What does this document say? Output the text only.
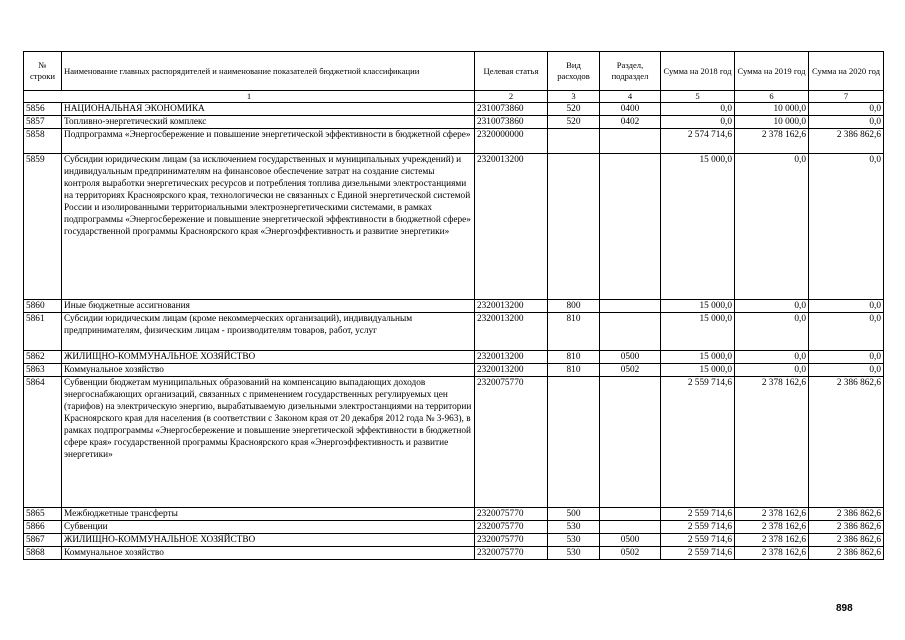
№ строки	Наименование главных распорядителей и наименование показателей бюджетной классификации	Целевая статья	Вид расходов	Раздел, подраздел	Сумма на 2018 год	Сумма на 2019 год	Сумма на 2020 год
1		2	3	4	5	6	7
5856	НАЦИОНАЛЬНАЯ ЭКОНОМИКА	2310073860	520	0400	0,0	10 000,0	0,0
5857	Топливно-энергетический комплекс	2310073860	520	0402	0,0	10 000,0	0,0
5858	Подпрограмма «Энергосбережение и повышение энергетической эффективности в бюджетной сфере»	2320000000			2 574 714,6	2 378 162,6	2 386 862,6
5859	Субсидии юридическим лицам (за исключением государственных и муниципальных учреждений) и индивидуальным предпринимателям на финансовое обеспечение затрат на создание системы контроля выработки энергетических ресурсов и потребления топлива дизельными электростанциями на территориях Красноярского края, технологически не связанных с Единой энергетической системой России и изолированными территориальными электроэнергетическими системами, в рамках подпрограммы «Энергосбережение и повышение энергетической эффективности в бюджетной сфере» государственной программы Красноярского края «Энергоэффективность и развитие энергетики»	2320013200			15 000,0	0,0	0,0
5860	Иные бюджетные ассигнования	2320013200	800		15 000,0	0,0	0,0
5861	Субсидии юридическим лицам (кроме некоммерческих организаций), индивидуальным предпринимателям, физическим лицам - производителям товаров, работ, услуг	2320013200	810		15 000,0	0,0	0,0
5862	ЖИЛИЩНО-КОММУНАЛЬНОЕ ХОЗЯЙСТВО	2320013200	810	0500	15 000,0	0,0	0,0
5863	Коммунальное хозяйство	2320013200	810	0502	15 000,0	0,0	0,0
5864	Субвенции бюджетам муниципальных образований на компенсацию выпадающих доходов энергоснабжающих организаций, связанных с применением государственных регулируемых цен (тарифов) на электрическую энергию, вырабатываемую дизельными электростанциями на территории Красноярского края для населения (в соответствии с Законом края от 20 декабря 2012 года № 3-963), в рамках подпрограммы «Энергосбережение и повышение энергетической эффективности в бюджетной сфере края» государственной программы Красноярского края «Энергоэффективность и развитие энергетики»	2320075770			2 559 714,6	2 378 162,6	2 386 862,6
5865	Межбюджетные трансферты	2320075770	500		2 559 714,6	2 378 162,6	2 386 862,6
5866	Субвенции	2320075770	530		2 559 714,6	2 378 162,6	2 386 862,6
5867	ЖИЛИЩНО-КОММУНАЛЬНОЕ ХОЗЯЙСТВО	2320075770	530	0500	2 559 714,6	2 378 162,6	2 386 862,6
5868	Коммунальное хозяйство	2320075770	530	0502	2 559 714,6	2 378 162,6	2 386 862,6
898
